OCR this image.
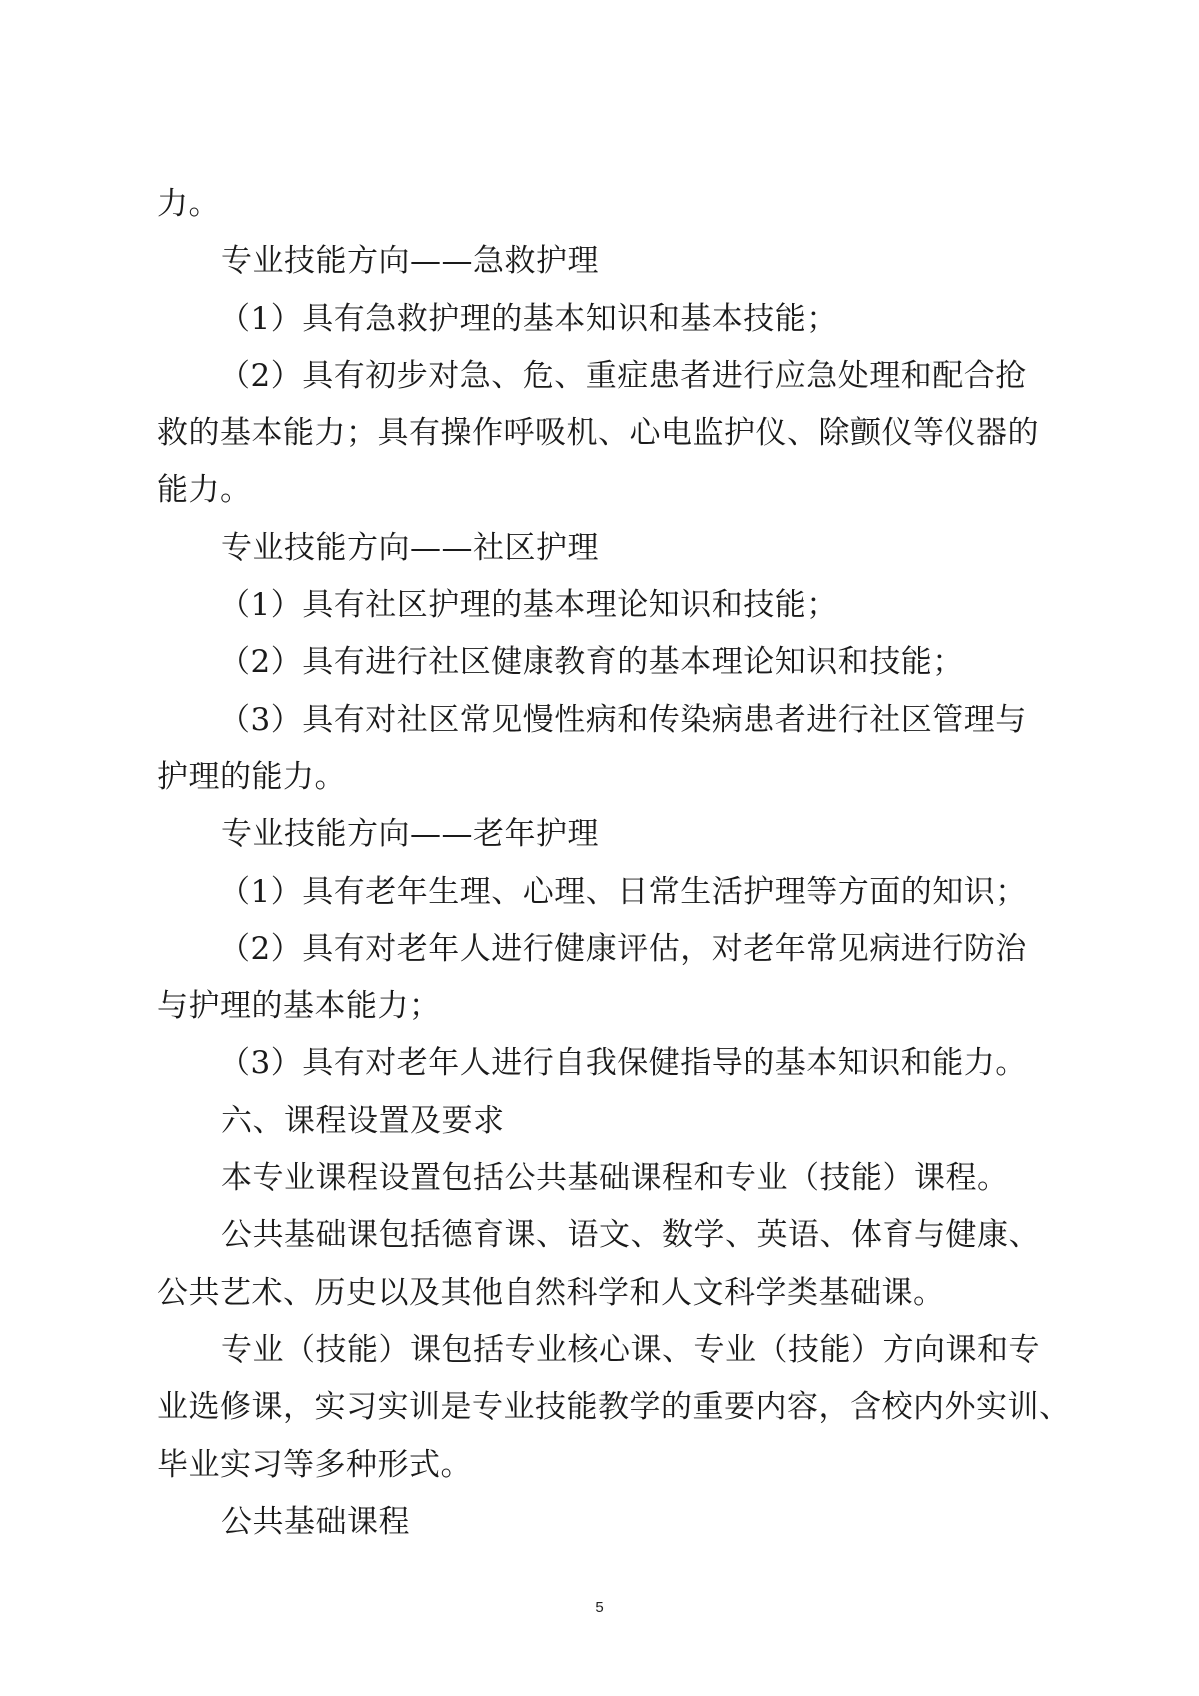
力。
专业技能方向——急救护理
（1）具有急救护理的基本知识和基本技能；
（2）具有初步对急、危、重症患者进行应急处理和配合抢
救的基本能力；具有操作呼吸机、心电监护仪、除颤仪等仪器的
能力。
专业技能方向——社区护理
（1）具有社区护理的基本理论知识和技能；
（2）具有进行社区健康教育的基本理论知识和技能；
（3）具有对社区常见慢性病和传染病患者进行社区管理与
护理的能力。
专业技能方向——老年护理
（1）具有老年生理、心理、日常生活护理等方面的知识；
（2）具有对老年人进行健康评估，对老年常见病进行防治
与护理的基本能力；
（3）具有对老年人进行自我保健指导的基本知识和能力。
六、课程设置及要求
本专业课程设置包括公共基础课程和专业（技能）课程。
公共基础课包括德育课、语文、数学、英语、体育与健康、
公共艺术、历史以及其他自然科学和人文科学类基础课。
专业（技能）课包括专业核心课、专业（技能）方向课和专
业选修课，实习实训是专业技能教学的重要内容，含校内外实训、
毕业实习等多种形式。
公共基础课程
5
